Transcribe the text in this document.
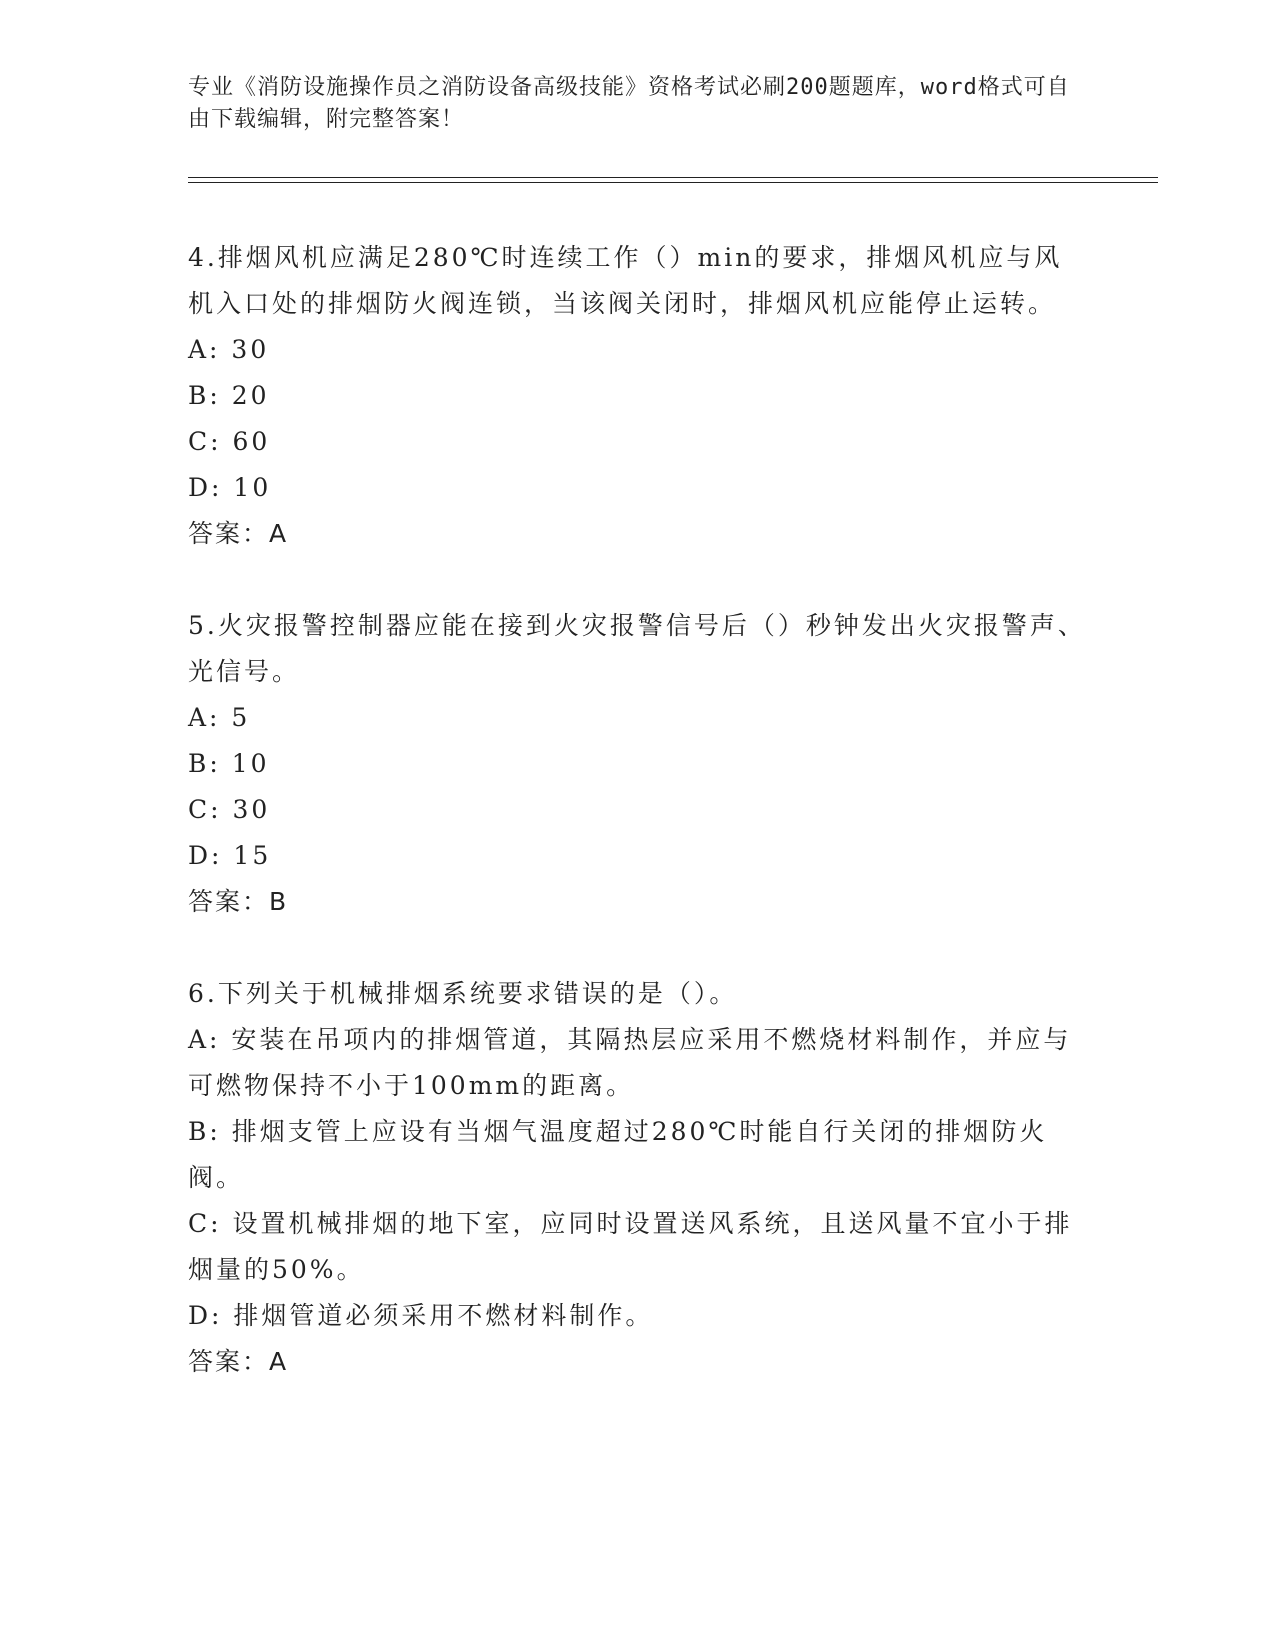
专业《消防设施操作员之消防设备高级技能》资格考试必刷200题题库，word格式可自由下载编辑，附完整答案！

4.排烟风机应满足280℃时连续工作（）min的要求，排烟风机应与风机入口处的排烟防火阀连锁，当该阀关闭时，排烟风机应能停止运转。

A: 30

B: 20

C: 60

D: 10

答案：A

5.火灾报警控制器应能在接到火灾报警信号后（）秒钟发出火灾报警声、光信号。

A: 5

B: 10

C: 30

D: 15

答案：B

6.下列关于机械排烟系统要求错误的是（）。

A: 安装在吊项内的排烟管道，其隔热层应采用不燃烧材料制作，并应与可燃物保持不小于100mm的距离。

B: 排烟支管上应设有当烟气温度超过280℃时能自行关闭的排烟防火阀。

C: 设置机械排烟的地下室，应同时设置送风系统，且送风量不宜小于排烟量的50%。

D: 排烟管道必须采用不燃材料制作。

答案：A
